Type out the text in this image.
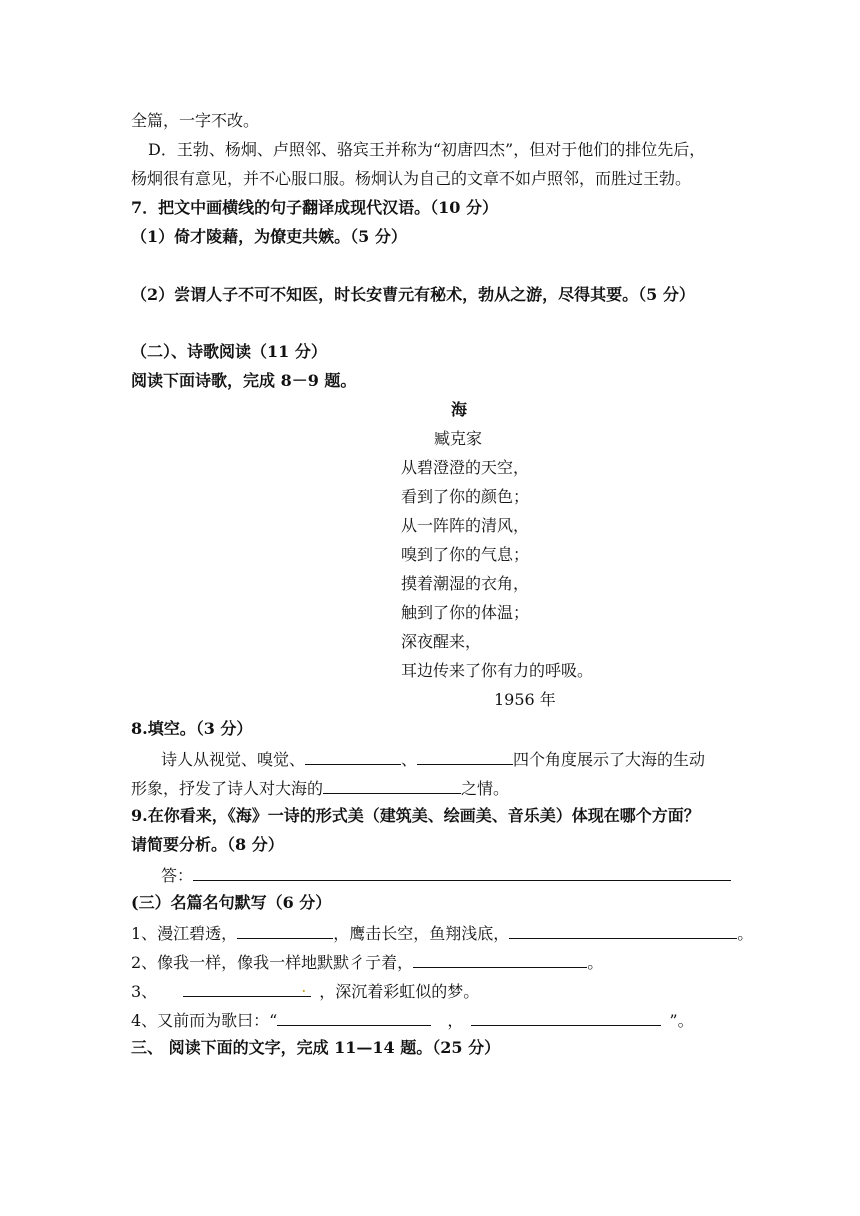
全篇，一字不改。
D．王勃、杨炯、卢照邻、骆宾王并称为“初唐四杰”，但对于他们的排位先后，
杨炯很有意见，并不心服口服。杨炯认为自己的文章不如卢照邻，而胜过王勃。
7．把文中画横线的句子翻译成现代汉语。（10 分）
（1）倚才陵藉，为僚吏共嫉。（5 分）
（2）尝谓人子不可不知医，时长安曹元有秘术，勃从之游，尽得其要。（5 分）
（二）、诗歌阅读（11 分）
阅读下面诗歌，完成 8－9 题。
海
臧克家
从碧澄澄的天空，
看到了你的颜色；
从一阵阵的清风，
嗅到了你的气息；
摸着潮湿的衣角，
触到了你的体温；
深夜醒来，
耳边传来了你有力的呼吸。
1956 年
8.填空。（3 分）
诗人从视觉、嗅觉、	、	四个角度展示了大海的生动
形象，抒发了诗人对大海的	之情。
9.在你看来，《海》一诗的形式美（建筑美、绘画美、音乐美）体现在哪个方面？
请简要分析。（8 分）
答：
(三）名篇名句默写（6 分）
1、漫江碧透，	，鹰击长空，鱼翔浅底，	。
2、像我一样，像我一样地默默彳亍着，	。
3、	. ，深沉着彩虹似的梦。
4、又前而为歌曰：“	，	”。
三、 阅读下面的文字，完成 11—14 题。（25 分）
